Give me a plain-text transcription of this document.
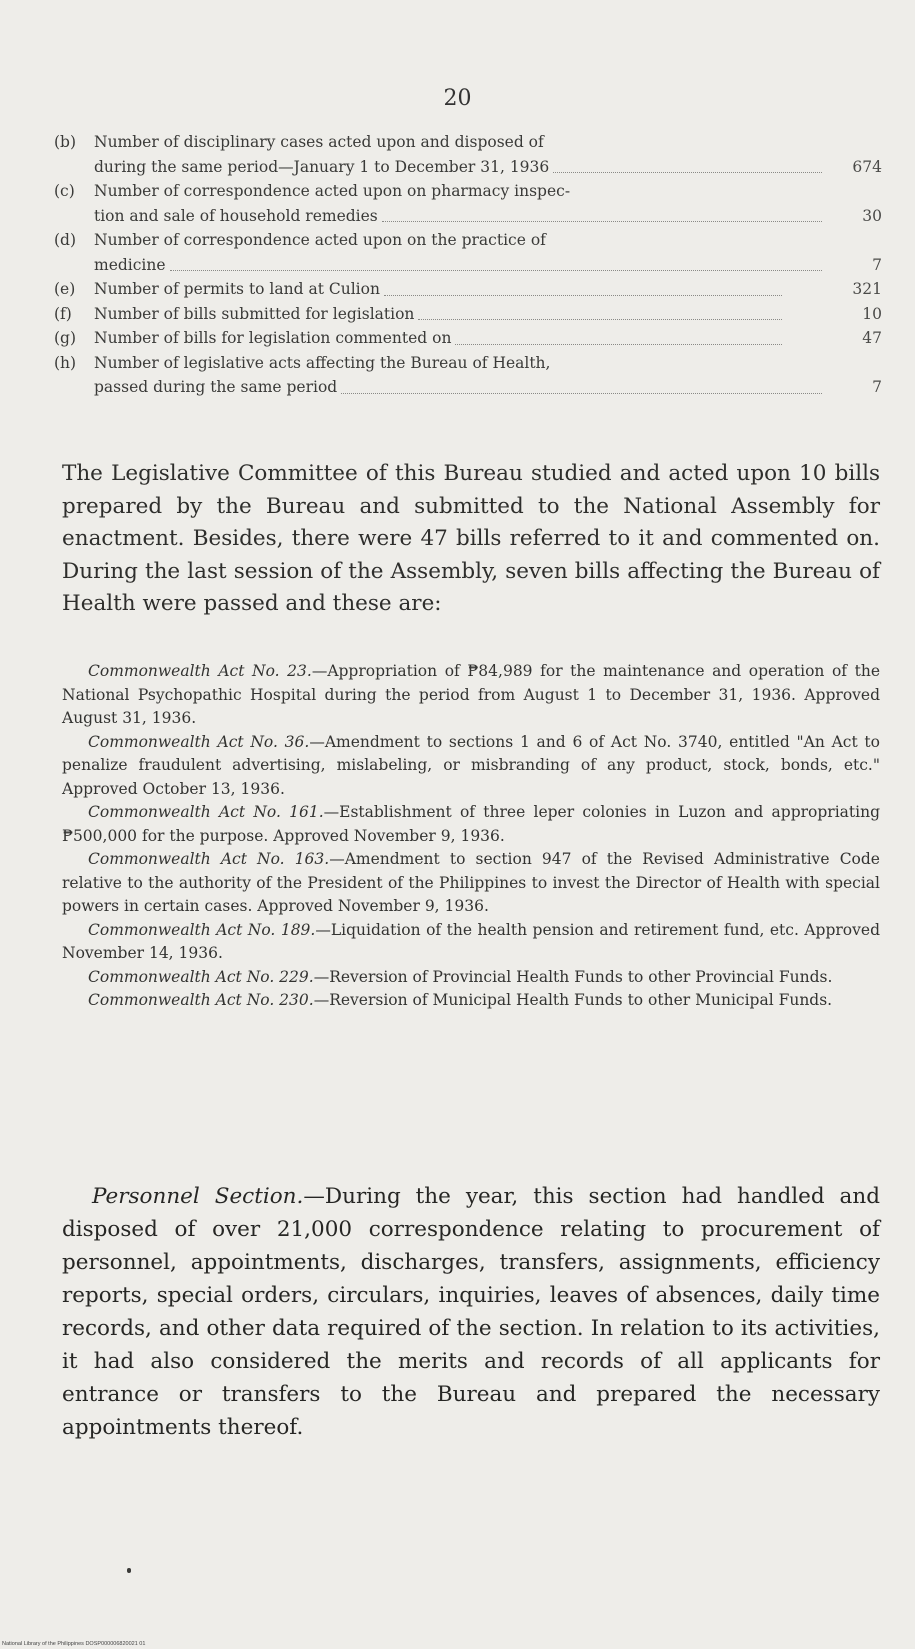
20
(b)	Number of disciplinary cases acted upon and disposed of
during the same period—January 1 to December 31, 1936	674
(c)	Number of correspondence acted upon on pharmacy inspec-
tion and sale of household remedies	30
(d)	Number of correspondence acted upon on the practice of
medicine	7
(e)	Number of permits to land at Culion	321
(f)	Number of bills submitted for legislation	10
(g)	Number of bills for legislation commented on	47
(h)	Number of legislative acts affecting the Bureau of Health,
passed during the same period	7
The Legislative Committee of this Bureau studied and acted upon 10 bills prepared by the Bureau and submitted to the National Assembly for enactment. Besides, there were 47 bills referred to it and commented on. During the last session of the Assembly, seven bills affecting the Bureau of Health were passed and these are:

Commonwealth Act No. 23.—Appropriation of ₱84,989 for the maintenance and operation of the National Psychopathic Hospital during the period from August 1 to December 31, 1936. Approved August 31, 1936.

Commonwealth Act No. 36.—Amendment to sections 1 and 6 of Act No. 3740, entitled "An Act to penalize fraudulent advertising, mislabeling, or misbranding of any product, stock, bonds, etc." Approved October 13, 1936.

Commonwealth Act No. 161.—Establishment of three leper colonies in Luzon and appropriating ₱500,000 for the purpose. Approved November 9, 1936.

Commonwealth Act No. 163.—Amendment to section 947 of the Revised Administrative Code relative to the authority of the President of the Philippines to invest the Director of Health with special powers in certain cases. Approved November 9, 1936.

Commonwealth Act No. 189.—Liquidation of the health pension and retirement fund, etc. Approved November 14, 1936.

Commonwealth Act No. 229.—Reversion of Provincial Health Funds to other Provincial Funds.

Commonwealth Act No. 230.—Reversion of Municipal Health Funds to other Municipal Funds.

Personnel Section.—During the year, this section had handled and disposed of over 21,000 correspondence relating to procurement of personnel, appointments, discharges, transfers, assignments, efficiency reports, special orders, circulars, inquiries, leaves of absences, daily time records, and other data required of the section. In relation to its activities, it had also considered the merits and records of all applicants for entrance or transfers to the Bureau and prepared the necessary appointments thereof.

National Library of the Philippines DOSP000006820021 01
